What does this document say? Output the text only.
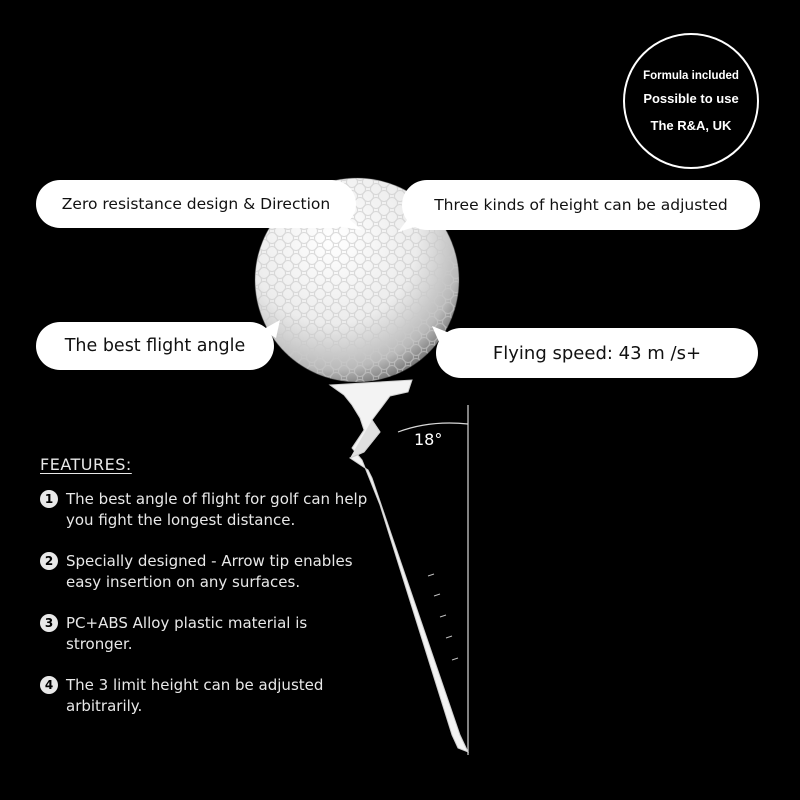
18°
Formula included
Possible to use
The R&A, UK
Zero resistance design & Direction	Three kinds of height can be adjusted
The best flight angle	Flying speed: 43 m /s+
FEATURES:
1 The best angle of flight for golf can help you fight the longest distance.
2 Specially designed - Arrow tip enables easy insertion on any surfaces.
3 PC+ABS Alloy plastic material is stronger.
4 The 3 limit height can be adjusted arbitrarily.
